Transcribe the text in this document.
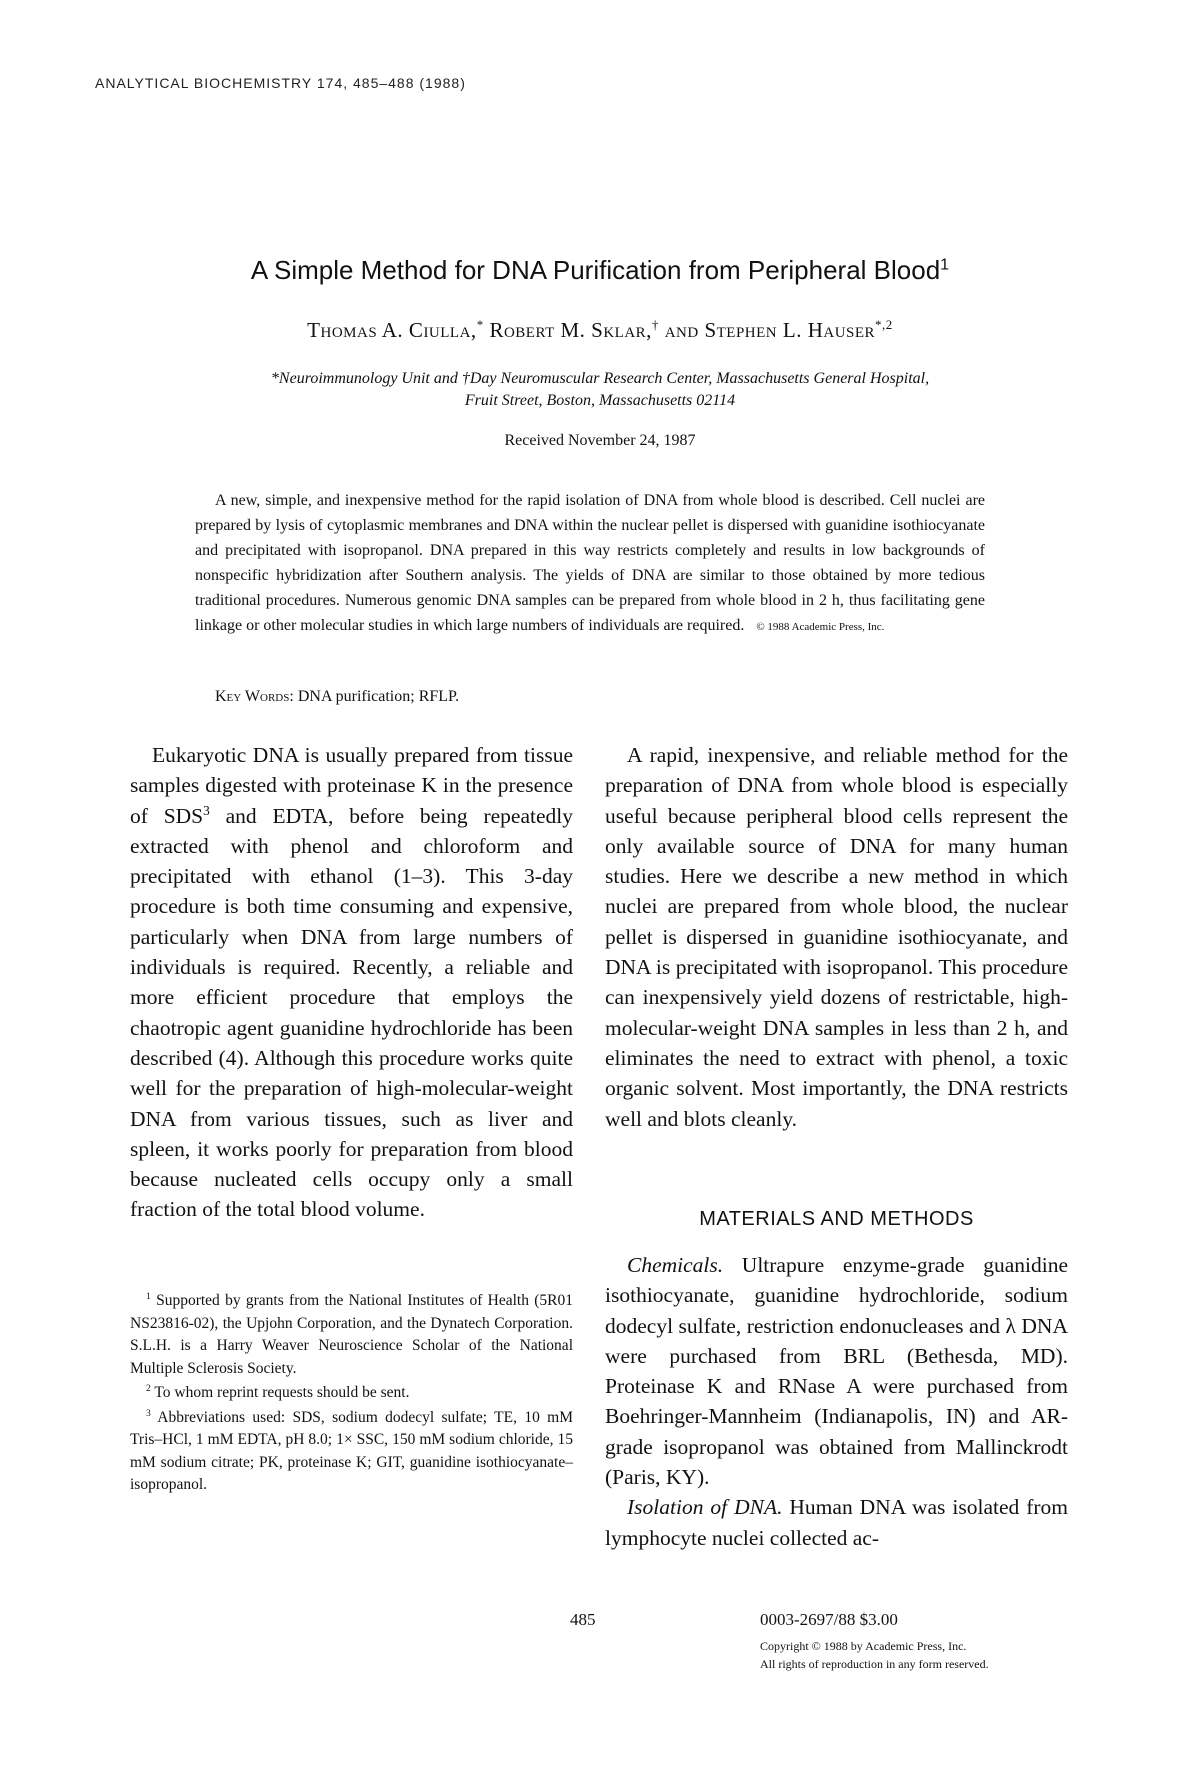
ANALYTICAL BIOCHEMISTRY 174, 485–488 (1988)
A Simple Method for DNA Purification from Peripheral Blood$^1$
Thomas A. Ciulla,* Robert M. Sklar,† and Stephen L. Hauser$^{*,2}$
*Neuroimmunology Unit and †Day Neuromuscular Research Center, Massachusetts General Hospital,
Fruit Street, Boston, Massachusetts 02114
Received November 24, 1987
A new, simple, and inexpensive method for the rapid isolation of DNA from whole blood is described. Cell nuclei are prepared by lysis of cytoplasmic membranes and DNA within the nuclear pellet is dispersed with guanidine isothiocyanate and precipitated with isopropanol. DNA prepared in this way restricts completely and results in low backgrounds of nonspecific hybridization after Southern analysis. The yields of DNA are similar to those obtained by more tedious traditional procedures. Numerous genomic DNA samples can be prepared from whole blood in 2 h, thus facilitating gene linkage or other molecular studies in which large numbers of individuals are required. © 1988 Academic Press, Inc.
Key Words: DNA purification; RFLP.

Eukaryotic DNA is usually prepared from tissue samples digested with proteinase K in the presence of SDS$^3$ and EDTA, before being repeatedly extracted with phenol and chloroform and precipitated with ethanol (1–3). This 3-day procedure is both time consuming and expensive, particularly when DNA from large numbers of individuals is required. Recently, a reliable and more efficient procedure that employs the chaotropic agent guanidine hydrochloride has been described (4). Although this procedure works quite well for the preparation of high-molecular-weight DNA from various tissues, such as liver and spleen, it works poorly for preparation from blood because nucleated cells occupy only a small fraction of the total blood volume.

$^1$ Supported by grants from the National Institutes of Health (5R01 NS23816-02), the Upjohn Corporation, and the Dynatech Corporation. S.L.H. is a Harry Weaver Neuroscience Scholar of the National Multiple Sclerosis Society.

$^2$ To whom reprint requests should be sent.

$^3$ Abbreviations used: SDS, sodium dodecyl sulfate; TE, 10 mM Tris–HCl, 1 mM EDTA, pH 8.0; 1× SSC, 150 mM sodium chloride, 15 mM sodium citrate; PK, proteinase K; GIT, guanidine isothiocyanate–isopropanol.

A rapid, inexpensive, and reliable method for the preparation of DNA from whole blood is especially useful because peripheral blood cells represent the only available source of DNA for many human studies. Here we describe a new method in which nuclei are prepared from whole blood, the nuclear pellet is dispersed in guanidine isothiocyanate, and DNA is precipitated with isopropanol. This procedure can inexpensively yield dozens of restrictable, high-molecular-weight DNA samples in less than 2 h, and eliminates the need to extract with phenol, a toxic organic solvent. Most importantly, the DNA restricts well and blots cleanly.

MATERIALS AND METHODS

Chemicals. Ultrapure enzyme-grade guanidine isothiocyanate, guanidine hydrochloride, sodium dodecyl sulfate, restriction endonucleases and λ DNA were purchased from BRL (Bethesda, MD). Proteinase K and RNase A were purchased from Boehringer-Mannheim (Indianapolis, IN) and AR-grade isopropanol was obtained from Mallinckrodt (Paris, KY).

Isolation of DNA. Human DNA was isolated from lymphocyte nuclei collected ac-

485	0003-2697/88 $3.00
Copyright © 1988 by Academic Press, Inc.
All rights of reproduction in any form reserved.
